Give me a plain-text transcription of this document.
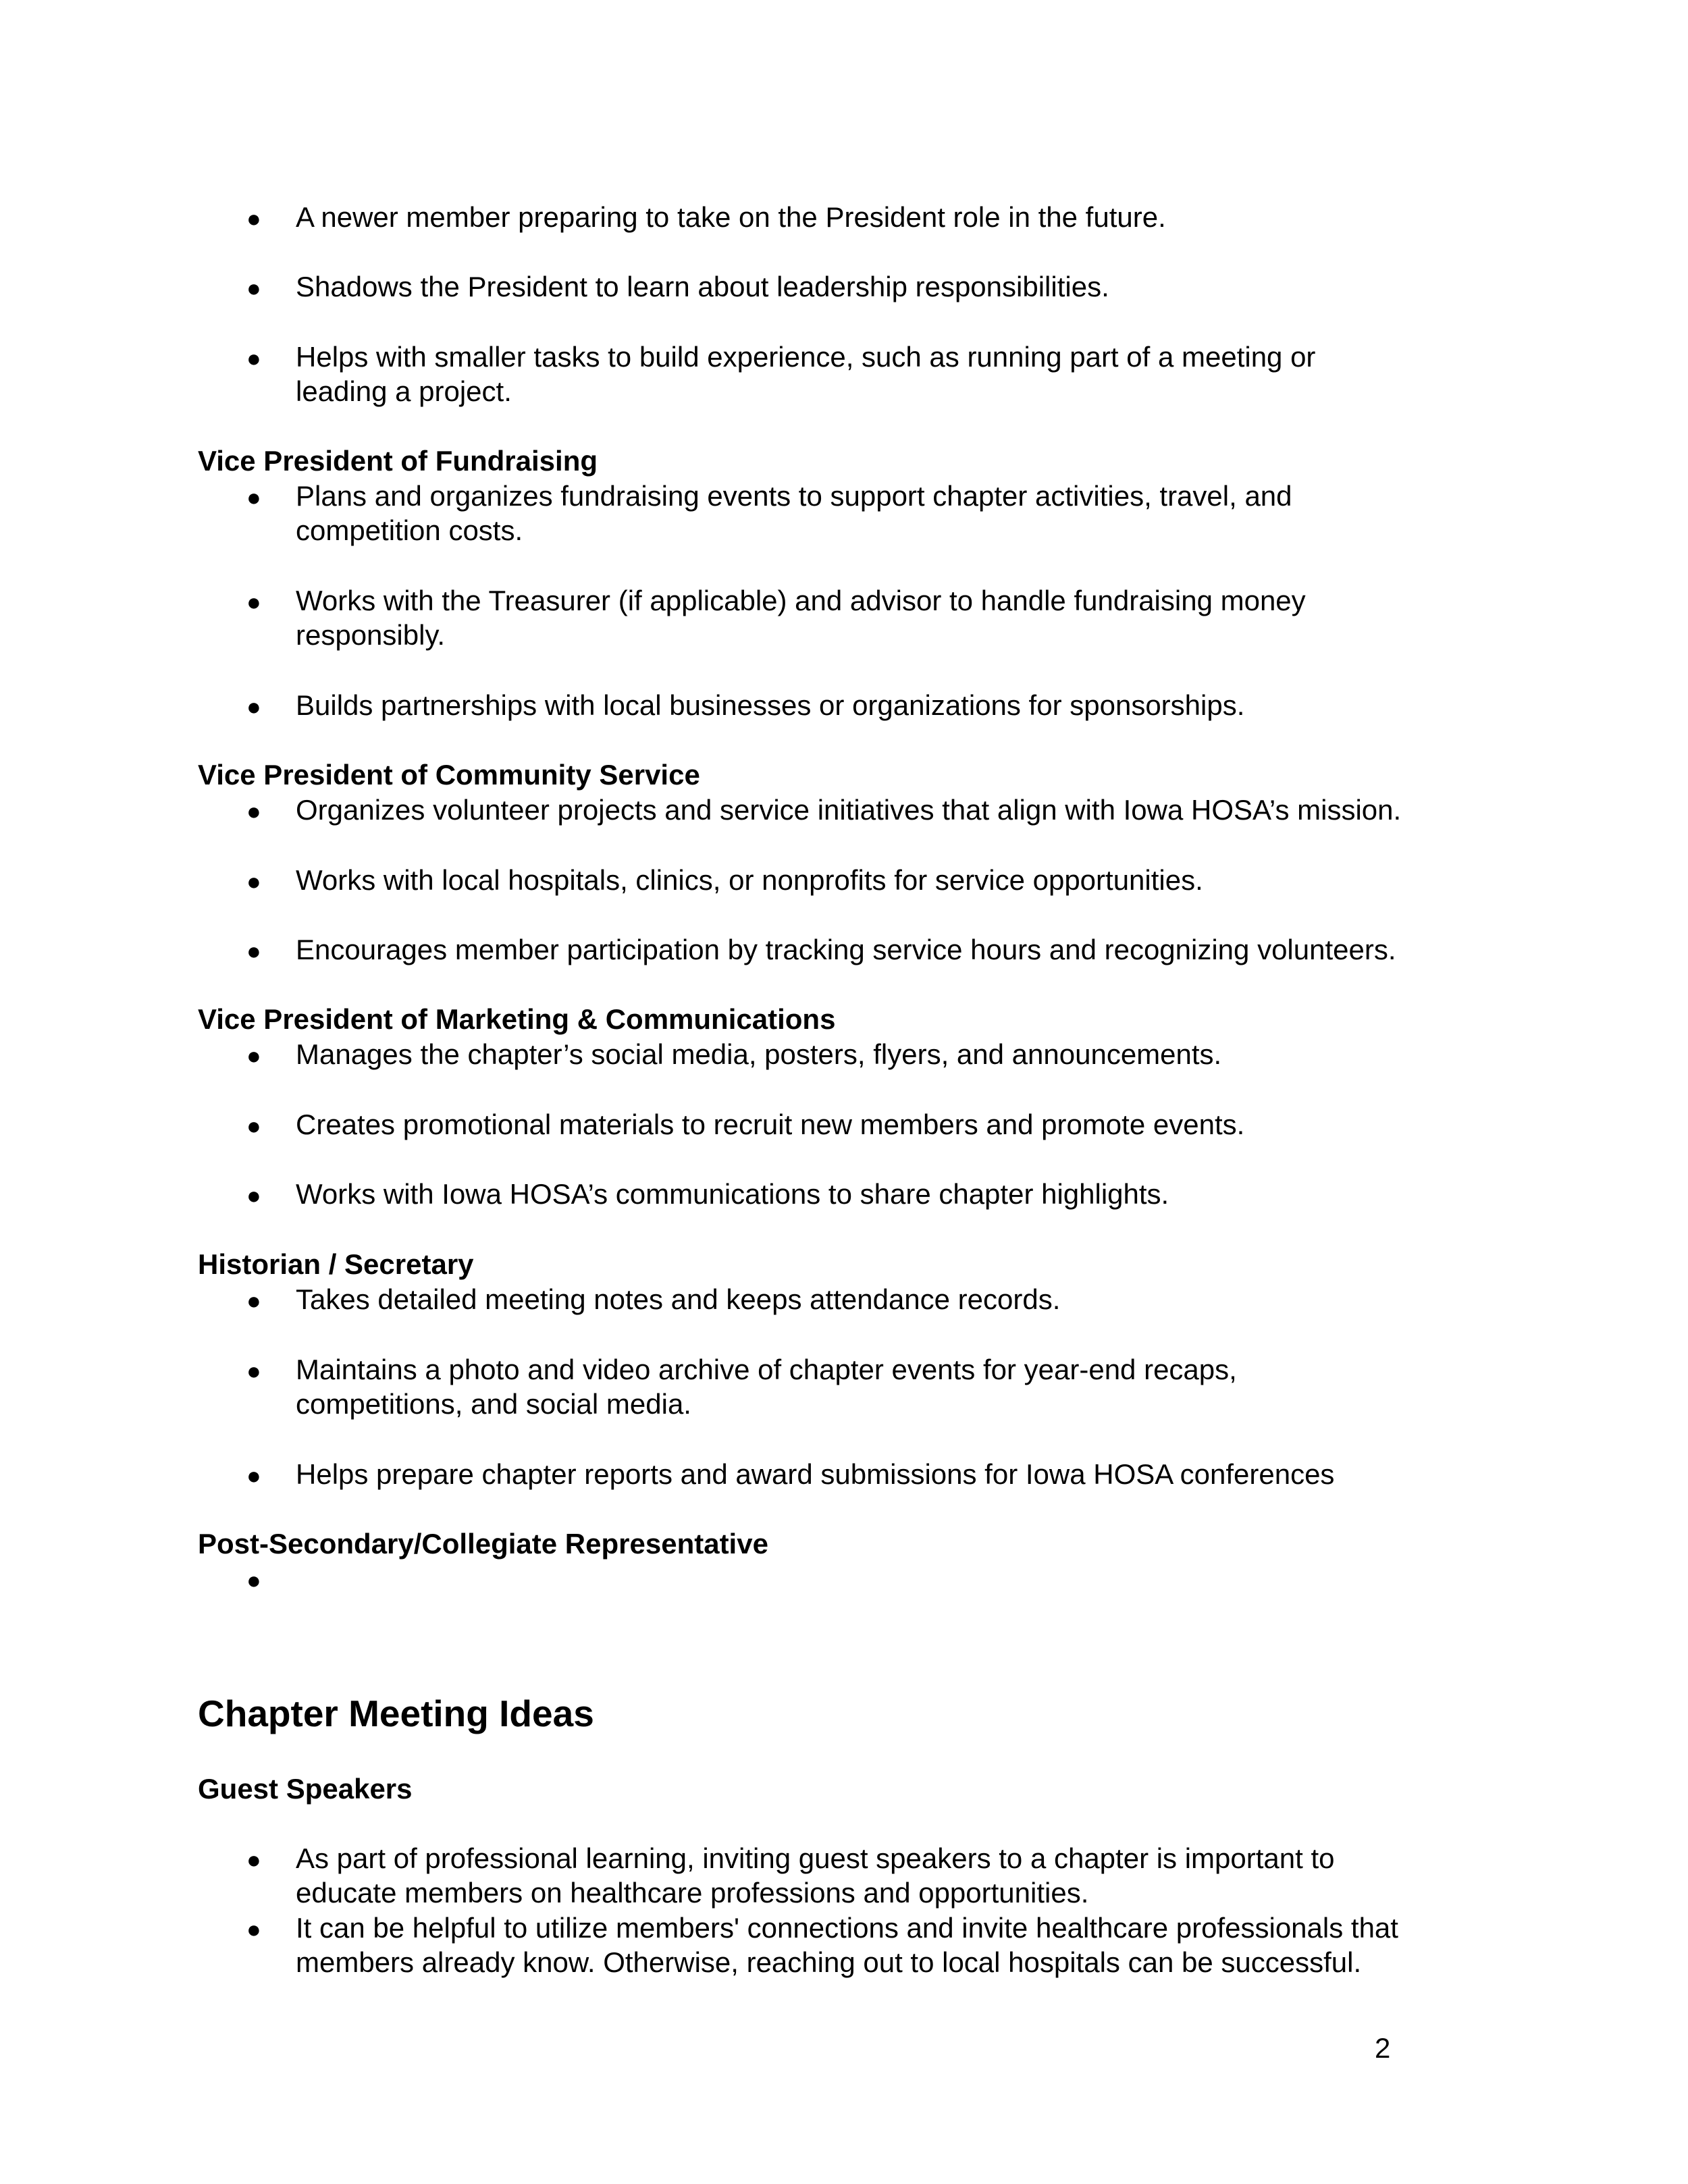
● A newer member preparing to take on the President role in the future.
● Shadows the President to learn about leadership responsibilities.
● Helps with smaller tasks to build experience, such as running part of a meeting or
leading a project.
Vice President of Fundraising
● Plans and organizes fundraising events to support chapter activities, travel, and
competition costs.
● Works with the Treasurer (if applicable) and advisor to handle fundraising money
responsibly.
● Builds partnerships with local businesses or organizations for sponsorships.
Vice President of Community Service
● Organizes volunteer projects and service initiatives that align with Iowa HOSA’s mission.
● Works with local hospitals, clinics, or nonprofits for service opportunities.
● Encourages member participation by tracking service hours and recognizing volunteers.
Vice President of Marketing & Communications
● Manages the chapter’s social media, posters, flyers, and announcements.
● Creates promotional materials to recruit new members and promote events.
● Works with Iowa HOSA’s communications to share chapter highlights.
Historian / Secretary
● Takes detailed meeting notes and keeps attendance records.
● Maintains a photo and video archive of chapter events for year-end recaps,
competitions, and social media.
● Helps prepare chapter reports and award submissions for Iowa HOSA conferences
Post-Secondary/Collegiate Representative
●
Chapter Meeting Ideas
Guest Speakers
● As part of professional learning, inviting guest speakers to a chapter is important to
educate members on healthcare professions and opportunities.
● It can be helpful to utilize members' connections and invite healthcare professionals that
members already know. Otherwise, reaching out to local hospitals can be successful.
2
